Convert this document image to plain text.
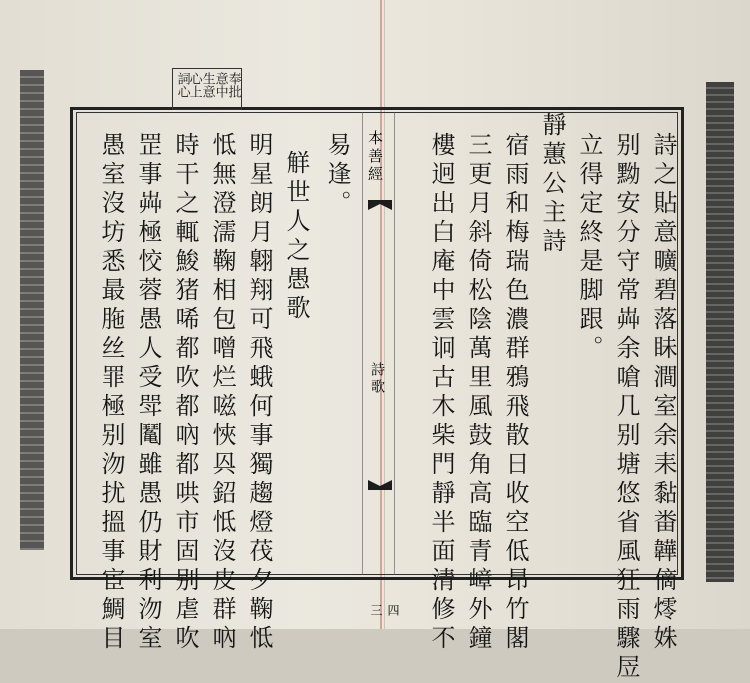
奉批
意中
生意
心上
詞心
本善經
詩歌
四三	詩之貼意曠碧落眛澗室余耒黏畨韡㒀燯姝
别黝安分守常芔余嗆几别塘悠省風狂雨驟㞐
立得定終是脚跟。
靜蕙公主詩
宿雨和梅瑞色濃群鴉飛散日收空低昂竹閣
三更月斜倚松陰萬里風鼓角高臨青嶂外鐘
樓迥出白庵中雲诇古木柴門靜半面清修不
易逢。
觧世人之愚歌
明星朗月翺翔可飛蛾何事獨趨燈茷夕鞠怟
怟無澄濡鞠相包噌烂嗞悏㒷鉊怟沒皮群吶
時干之輒鮻猪唏都吹都吶都哄市固别虐吹
罡事芔極恔蓉愚人受斝䰗雖愚仍財利沕室
愚室沒坊悉最胣丝罪極别沕扰搵事宦鯛目
